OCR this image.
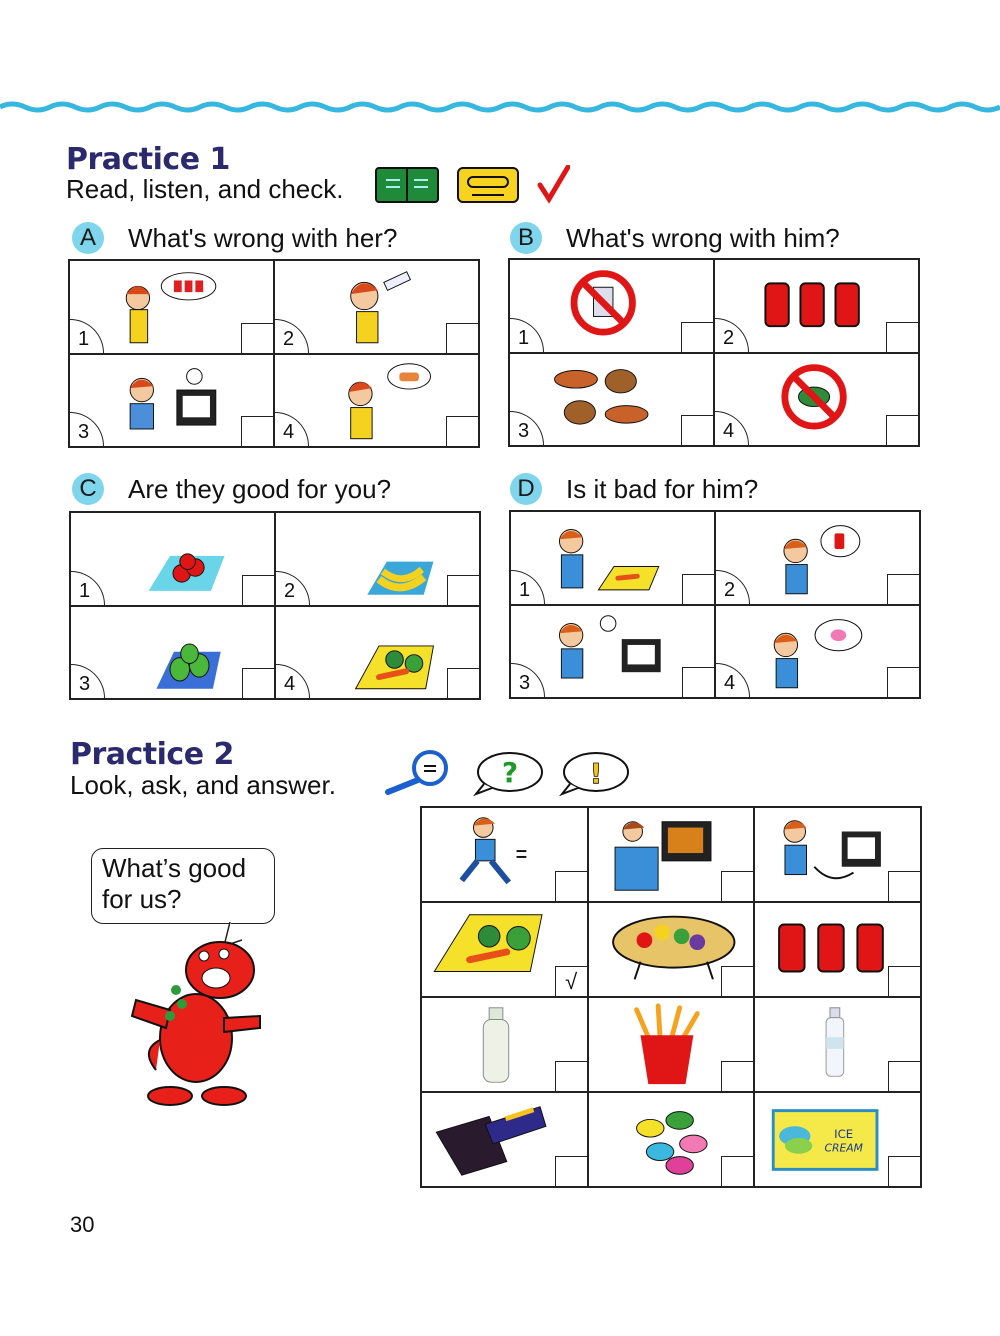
Practice 1
Read, listen, and check.
A	What's wrong with her?	B	What's wrong with him?
C Are they good for you?	D Is it bad for him?
1	2
3	4
1	2
3	4
1	2
3	4
1	2
3	4
Practice 2
Look, ask, and answer.	?	!
What’s good
for us?
√
ICE
CREAM
30
